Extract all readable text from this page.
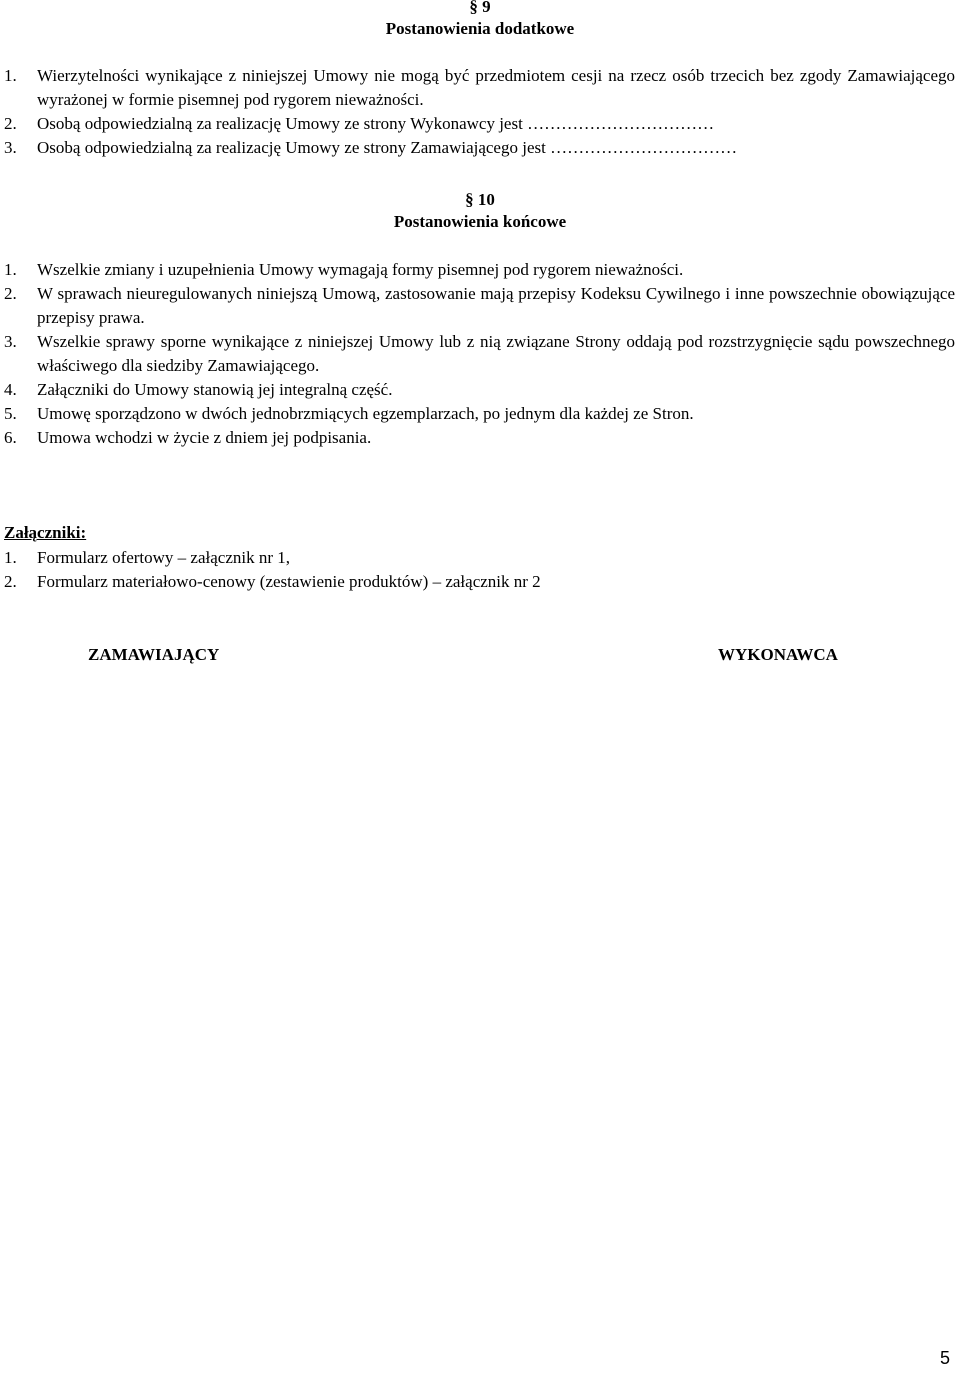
§ 9
Postanowienia dodatkowe
1. Wierzytelności wynikające z niniejszej Umowy nie mogą być przedmiotem cesji na rzecz osób trzecich bez zgody Zamawiającego wyrażonej w formie pisemnej pod rygorem nieważności.
2. Osobą odpowiedzialną za realizację Umowy ze strony Wykonawcy jest ……………………………
3. Osobą odpowiedzialną za realizację Umowy ze strony Zamawiającego jest ……………………………
§ 10
Postanowienia końcowe
1. Wszelkie zmiany i uzupełnienia Umowy wymagają formy pisemnej pod rygorem nieważności.
2. W sprawach nieuregulowanych niniejszą Umową, zastosowanie mają przepisy Kodeksu Cywilnego i inne powszechnie obowiązujące przepisy prawa.
3. Wszelkie sprawy sporne wynikające z niniejszej Umowy lub z nią związane Strony oddają pod rozstrzygnięcie sądu powszechnego właściwego dla siedziby Zamawiającego.
4. Załączniki do Umowy stanowią jej integralną część.
5. Umowę sporządzono w dwóch jednobrzmiących egzemplarzach, po jednym dla każdej ze Stron.
6. Umowa wchodzi w życie z dniem jej podpisania.
Załączniki:
1. Formularz ofertowy – załącznik nr 1,
2. Formularz materiałowo-cenowy (zestawienie produktów) – załącznik nr 2
ZAMAWIAJĄCY	WYKONAWCA
5
